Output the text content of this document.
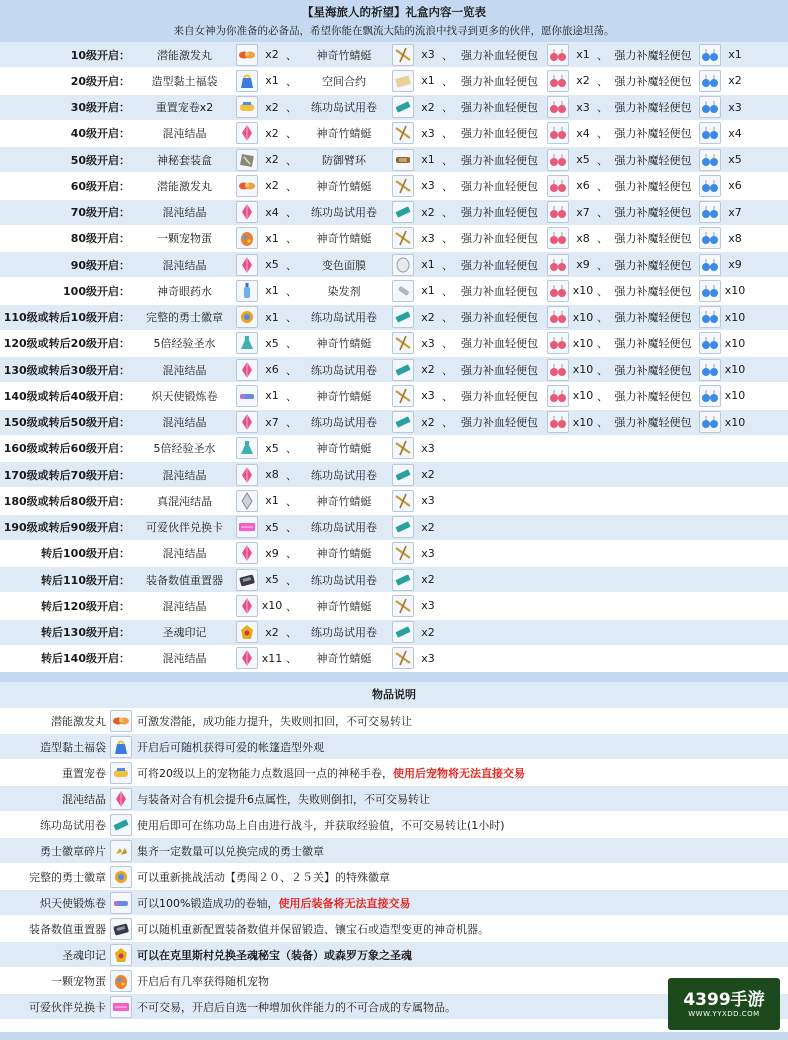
【星海旅人的祈望】礼盒内容一览表
来自女神为你准备的必备品，希望你能在飘流大陆的流浪中找寻到更多的伙伴，愿你旅途坦荡。
10级开启：	潜能激发丸	x2 、	神奇竹蜻蜓	x3 、 强力补血轻便包	x1 、 强力补魔轻便包	x1
20级开启：	造型黏土福袋	x1 、	空间合约	x1 、 强力补血轻便包	x2 、 强力补魔轻便包	x2
30级开启：	重置宠卷x2	x2 、	练功岛试用卷	x2 、 强力补血轻便包	x3 、 强力补魔轻便包	x3
40级开启：	混沌结晶	x2 、	神奇竹蜻蜓	x3 、 强力补血轻便包	x4 、 强力补魔轻便包	x4
50级开启：	神秘套装盒	x2 、	防御臂环	x1 、 强力补血轻便包	x5 、 强力补魔轻便包	x5
60级开启：	潜能激发丸	x2 、	神奇竹蜻蜓	x3 、 强力补血轻便包	x6 、 强力补魔轻便包	x6
70级开启：	混沌结晶	x4 、	练功岛试用卷	x2 、 强力补血轻便包	x7 、 强力补魔轻便包	x7
80级开启：	一颗宠物蛋	x1 、	神奇竹蜻蜓	x3 、 强力补血轻便包	x8 、 强力补魔轻便包	x8
90级开启：	混沌结晶	x5 、	变色面膜	x1 、 强力补血轻便包	x9 、 强力补魔轻便包	x9
100级开启：	神奇眼药水	x1 、	染发剂	x1 、 强力补血轻便包	x10 、 强力补魔轻便包	x10
110级或转后10级开启：	完整的勇士徽章	x1 、	练功岛试用卷	x2 、 强力补血轻便包	x10 、 强力补魔轻便包	x10
120级或转后20级开启：	5倍经验圣水	x5 、	神奇竹蜻蜓	x3 、 强力补血轻便包	x10 、 强力补魔轻便包	x10
130级或转后30级开启：	混沌结晶	x6 、	练功岛试用卷	x2 、 强力补血轻便包	x10 、 强力补魔轻便包	x10
140级或转后40级开启：	炽天使锻炼卷	x1 、	神奇竹蜻蜓	x3 、 强力补血轻便包	x10 、 强力补魔轻便包	x10
150级或转后50级开启：	混沌结晶	x7 、	练功岛试用卷	x2 、 强力补血轻便包	x10 、 强力补魔轻便包	x10
160级或转后60级开启：	5倍经验圣水	x5 、	神奇竹蜻蜓	x3
170级或转后70级开启：	混沌结晶	x8 、	练功岛试用卷	x2
180级或转后80级开启：	真混沌结晶	x1 、	神奇竹蜻蜓	x3
190级或转后90级开启：	可爱伙伴兑换卡	x5 、	练功岛试用卷	x2
转后100级开启：	混沌结晶	x9 、	神奇竹蜻蜓	x3
转后110级开启：	装备数值重置器	x5 、	练功岛试用卷	x2
转后120级开启：	混沌结晶	x10 、	神奇竹蜻蜓	x3
转后130级开启：	圣魂印记	x2 、	练功岛试用卷	x2
转后140级开启：	混沌结晶	x11 、	神奇竹蜻蜓	x3
物品说明
潜能激发丸	可激发潜能，成功能力提升，失败则扣回，不可交易转让
造型黏土福袋	开启后可随机获得可爱的帐篷造型外观
重置宠卷	可将20级以上的宠物能力点数退回一点的神秘手卷，使用后宠物将无法直接交易
混沌结晶	与装备对合有机会提升6点属性，失败则倒扣，不可交易转让
练功岛试用卷	使用后即可在练功岛上自由进行战斗，并获取经验值，不可交易转让(1小时)
勇士徽章碎片	集齐一定数量可以兑换完成的勇士徽章
完整的勇士徽章	可以重新挑战活动【勇闯２０、２５关】的特殊徽章
炽天使锻炼卷	可以100%锻造成功的卷轴，使用后装备将无法直接交易
装备数值重置器	可以随机重新配置装备数值并保留锻造、镶宝石或造型变更的神奇机器。
圣魂印记	可以在克里斯村兑换圣魂秘宝（装备）或森罗万象之圣魂
一颗宠物蛋	开启后有几率获得随机宠物
可爱伙伴兑换卡	不可交易，开启后自选一种增加伙伴能力的不可合成的专属物品。	4399手游
WWW.YYXDD.COM
